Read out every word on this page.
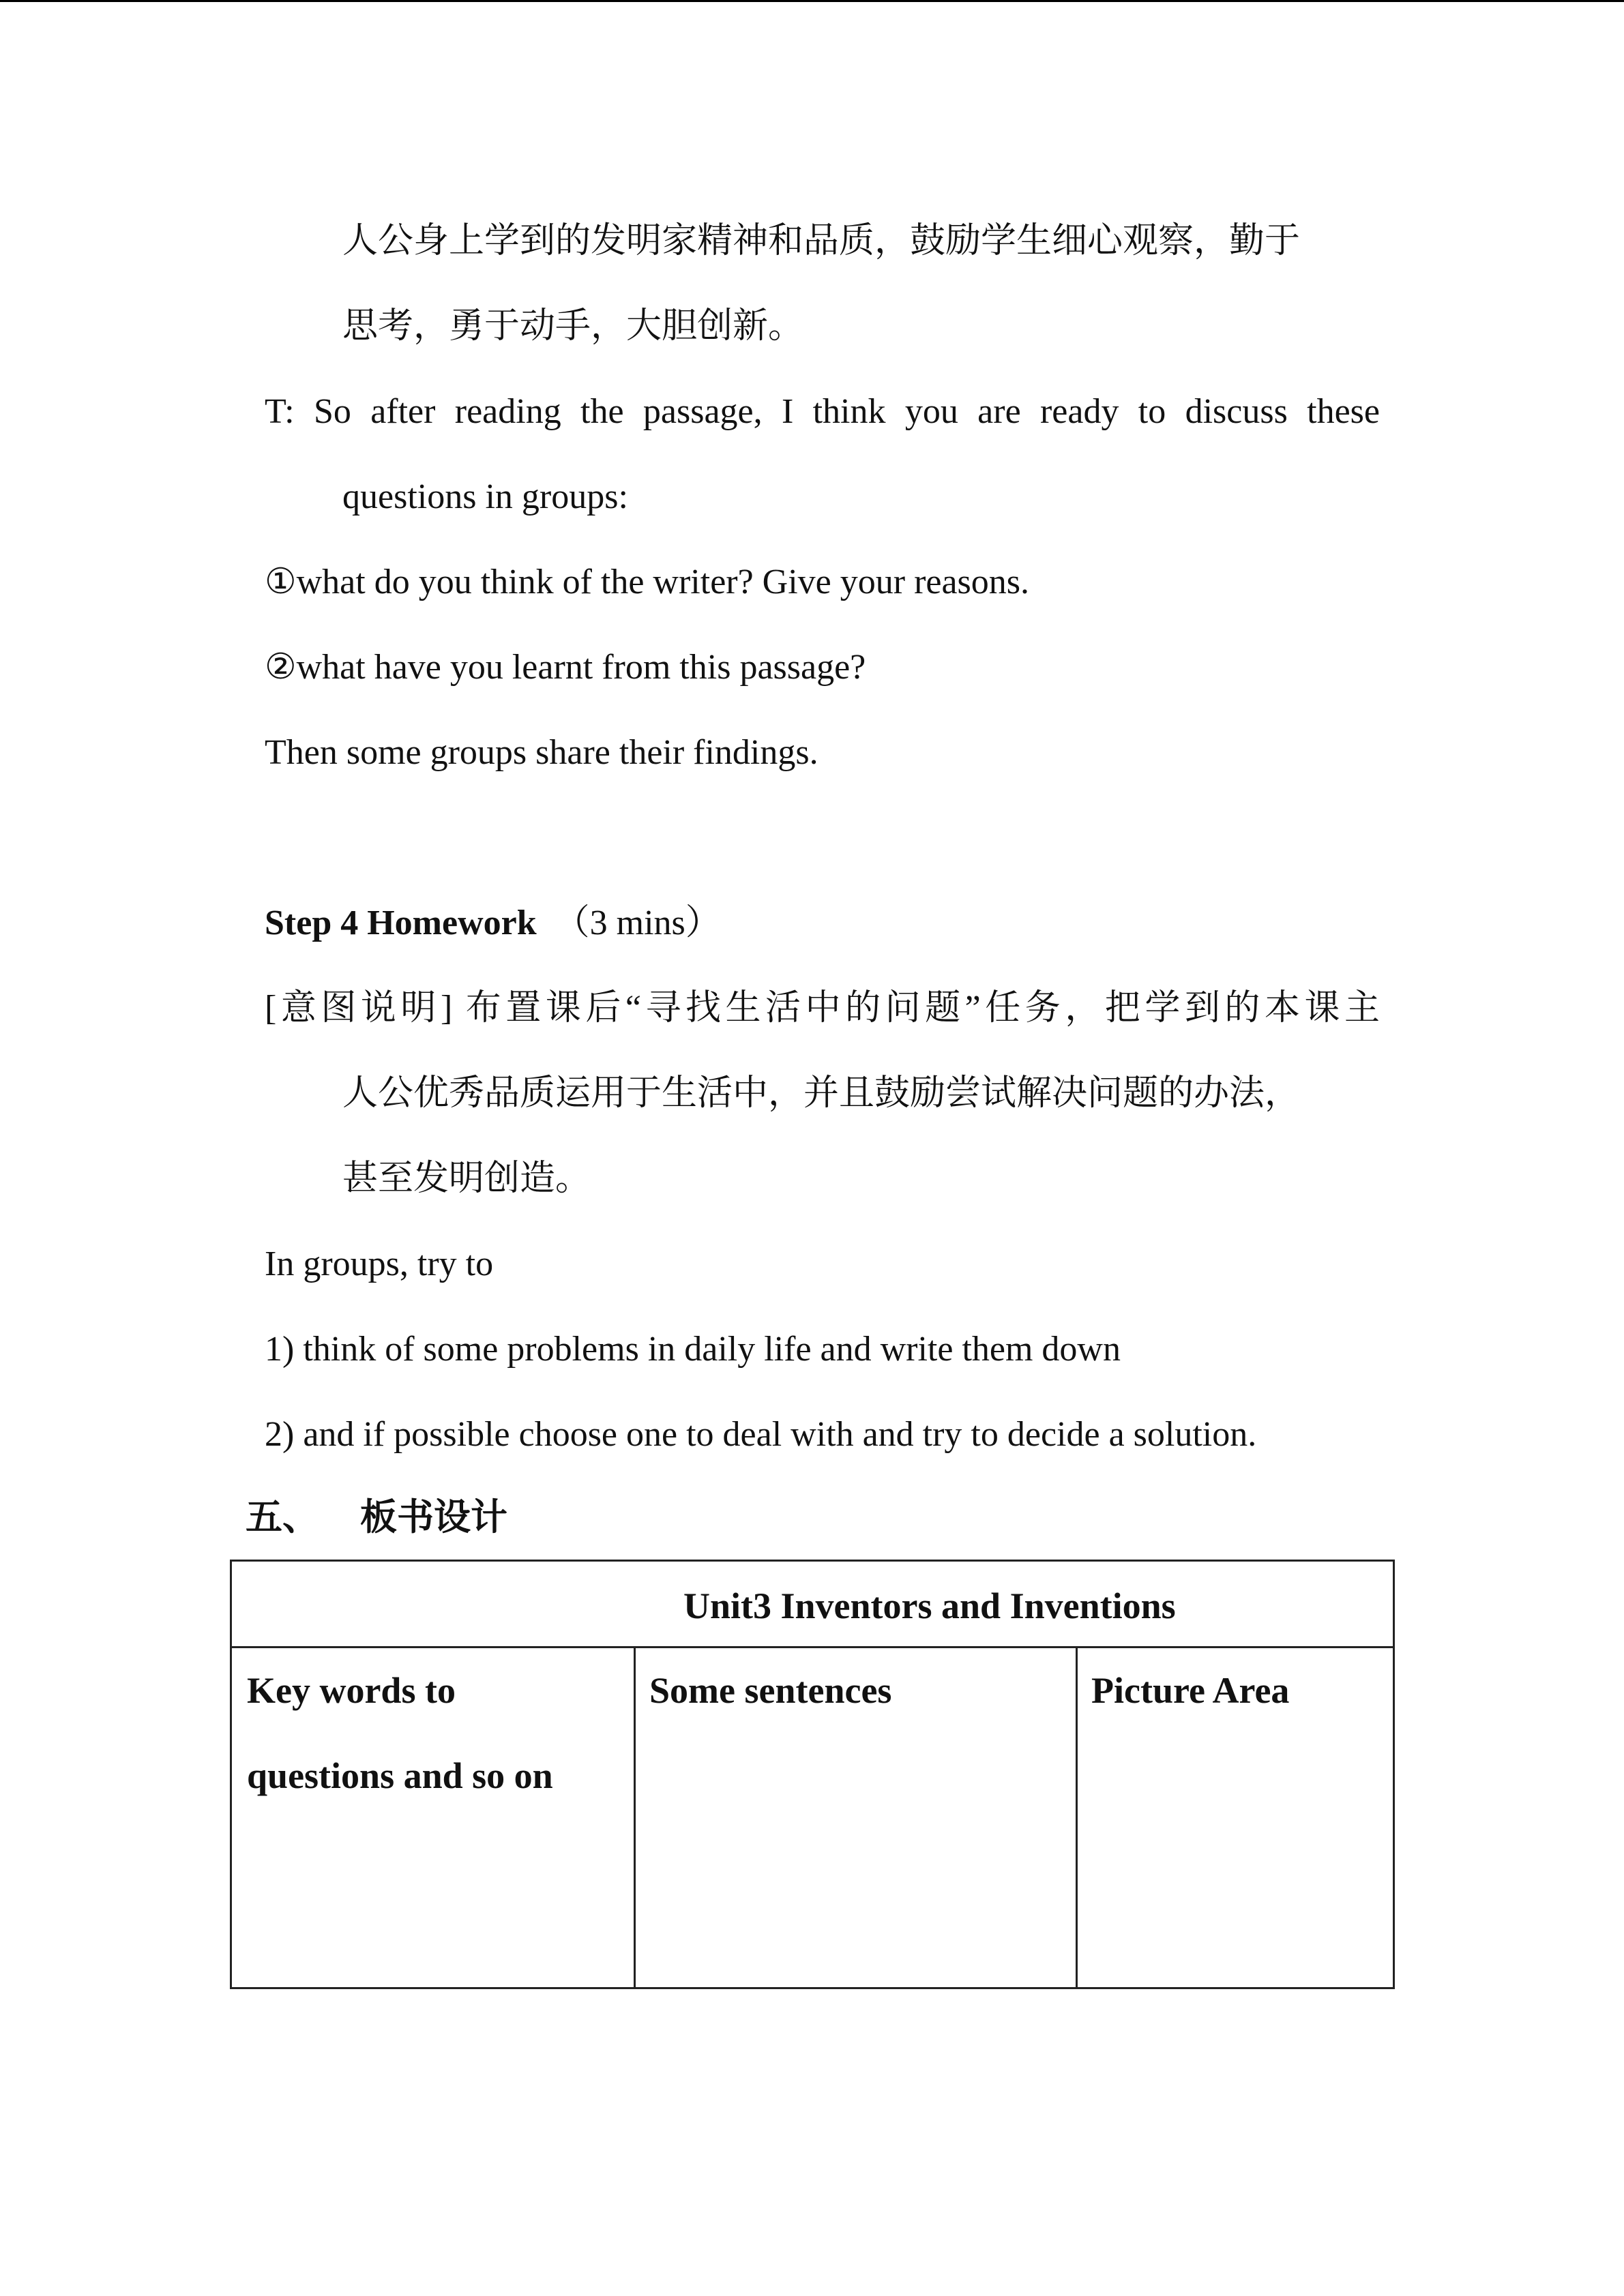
人公身上学到的发明家精神和品质，鼓励学生细心观察，勤于
思考，勇于动手，大胆创新。
T: So after reading the passage, I think you are ready to discuss these
questions in groups:
①what do you think of the writer? Give your reasons.
②what have you learnt from this passage?
Then some groups share their findings.
Step 4 Homework （3 mins）
[意图说明] 布置课后“寻找生活中的问题”任务，把学到的本课主
人公优秀品质运用于生活中，并且鼓励尝试解决问题的办法，
甚至发明创造。
In groups, try to
1) think of some problems in daily life and write them down
2) and if possible choose one to deal with and try to decide a solution.
五、 板书设计
Unit3 Inventors and Inventions
Key words to
questions and so on
Some sentences	Picture Area
